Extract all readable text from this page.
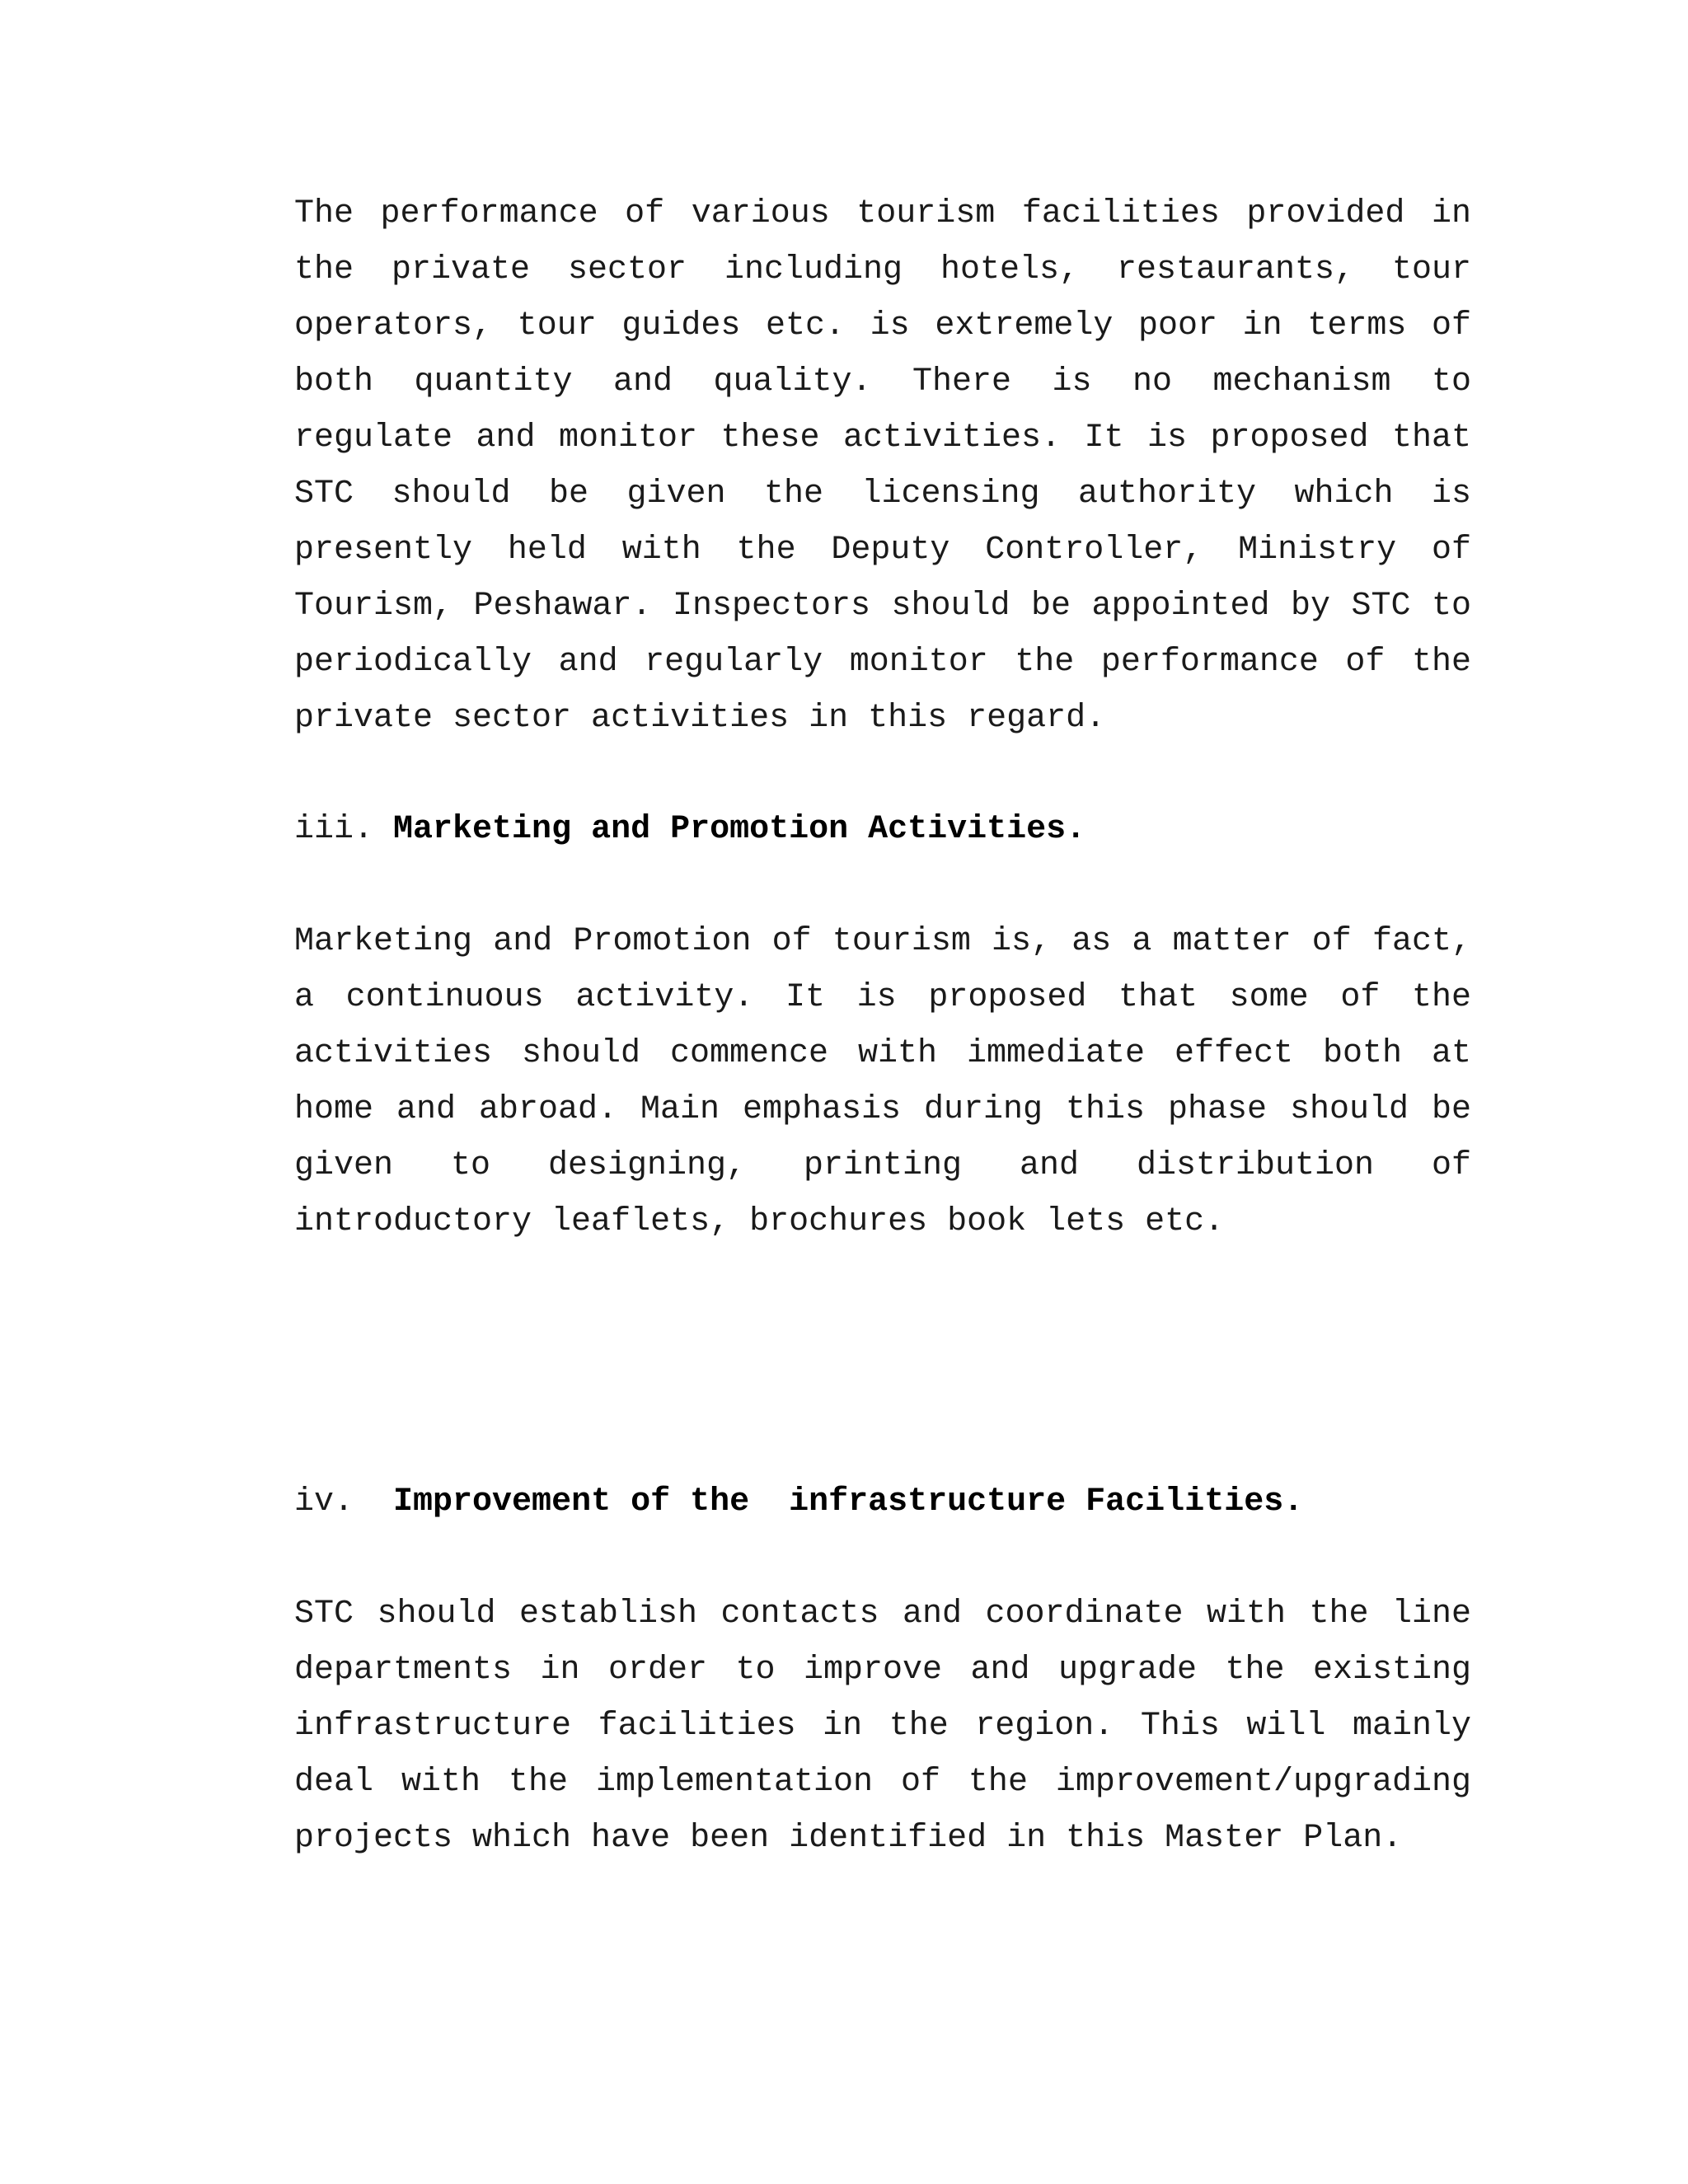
The performance of various tourism facilities provided in the private sector including hotels, restaurants, tour operators, tour guides etc. is extremely poor in terms of both quantity and quality. There is no mechanism to regulate and monitor these activities. It is proposed that STC should be given the licensing authority which is presently held with the Deputy Controller, Ministry of Tourism, Peshawar. Inspectors should be appointed by STC to periodically and regularly monitor the performance of the private sector activities in this regard.

iii. Marketing and Promotion Activities.

Marketing and Promotion of tourism is, as a matter of fact, a continuous activity. It is proposed that some of the activities should commence with immediate effect both at home and abroad. Main emphasis during this phase should be given to designing, printing and distribution of introductory leaflets, brochures book lets etc.

iv. Improvement of the  infrastructure Facilities.

STC should establish contacts and coordinate with the line departments in order to improve and upgrade the existing infrastructure facilities in the region. This will mainly deal with the implementation of the improvement/upgrading projects which have been identified in this Master Plan.
